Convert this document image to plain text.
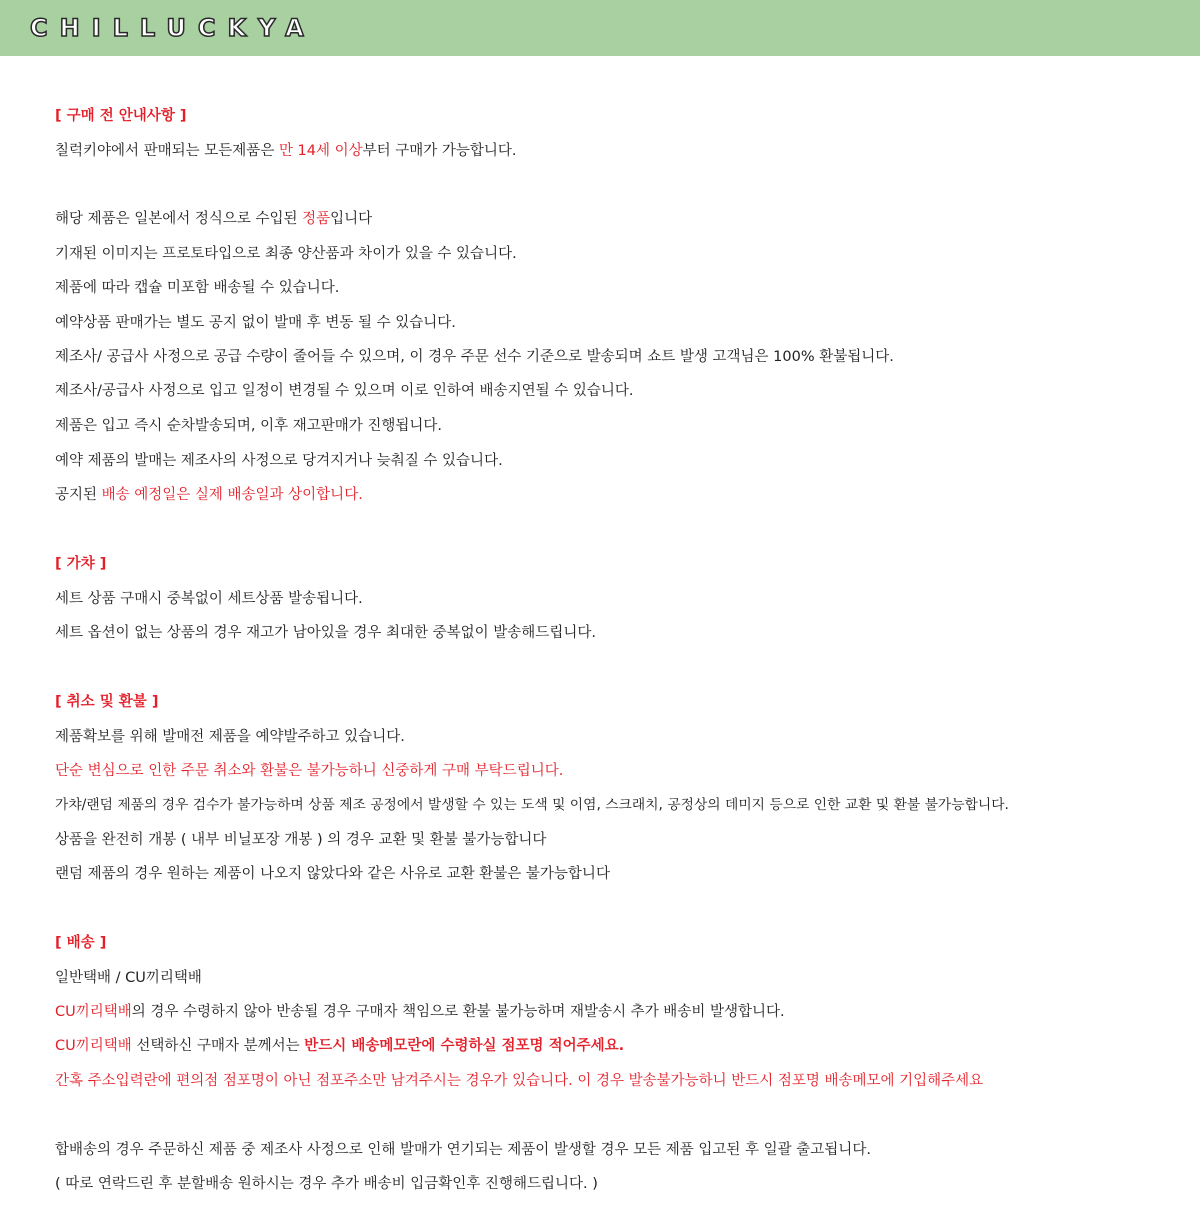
CHILLUCKYA
[ 구매 전 안내사항 ]
칠럭키야에서 판매되는 모든제품은 만 14세 이상부터 구매가 가능합니다.
해당 제품은 일본에서 정식으로 수입된 정품입니다
기재된 이미지는 프로토타입으로 최종 양산품과 차이가 있을 수 있습니다.
제품에 따라 캡슐 미포함 배송될 수 있습니다.
예약상품 판매가는 별도 공지 없이 발매 후 변동 될 수 있습니다.
제조사/ 공급사 사정으로 공급 수량이 줄어들 수 있으며, 이 경우 주문 선수 기준으로 발송되며 쇼트 발생 고객님은 100% 환불됩니다.
제조사/공급사 사정으로 입고 일정이 변경될 수 있으며 이로 인하여 배송지연될 수 있습니다.
제품은 입고 즉시 순차발송되며, 이후 재고판매가 진행됩니다.
예약 제품의 발매는 제조사의 사정으로 당겨지거나 늦춰질 수 있습니다.
공지된 배송 예정일은 실제 배송일과 상이합니다.
[ 가챠 ]
세트 상품 구매시 중복없이 세트상품 발송됩니다.
세트 옵션이 없는 상품의 경우 재고가 남아있을 경우 최대한 중복없이 발송해드립니다.
[ 취소 및 환불 ]
제품확보를 위해 발매전 제품을 예약발주하고 있습니다.
단순 변심으로 인한 주문 취소와 환불은 불가능하니 신중하게 구매 부탁드립니다.
가챠/랜덤 제품의 경우 검수가 불가능하며 상품 제조 공정에서 발생할 수 있는 도색 및 이염, 스크래치, 공정상의 데미지 등으로 인한 교환 및 환불 불가능합니다.
상품을 완전히 개봉 ( 내부 비닐포장 개봉 ) 의 경우 교환 및 환불 불가능합니다
랜덤 제품의 경우 원하는 제품이 나오지 않았다와 같은 사유로 교환 환불은 불가능합니다
[ 배송 ]
일반택배 / CU끼리택배
CU끼리택배의 경우 수령하지 않아 반송될 경우 구매자 책임으로 환불 불가능하며 재발송시 추가 배송비 발생합니다.
CU끼리택배 선택하신 구매자 분께서는 반드시 배송메모란에 수령하실 점포명 적어주세요.
간혹 주소입력란에 편의점 점포명이 아닌 점포주소만 남겨주시는 경우가 있습니다. 이 경우 발송불가능하니 반드시 점포명 배송메모에 기입해주세요
합배송의 경우 주문하신 제품 중 제조사 사정으로 인해 발매가 연기되는 제품이 발생할 경우 모든 제품 입고된 후 일괄 출고됩니다.
( 따로 연락드린 후 분할배송 원하시는 경우 추가 배송비 입금확인후 진행해드립니다. )
